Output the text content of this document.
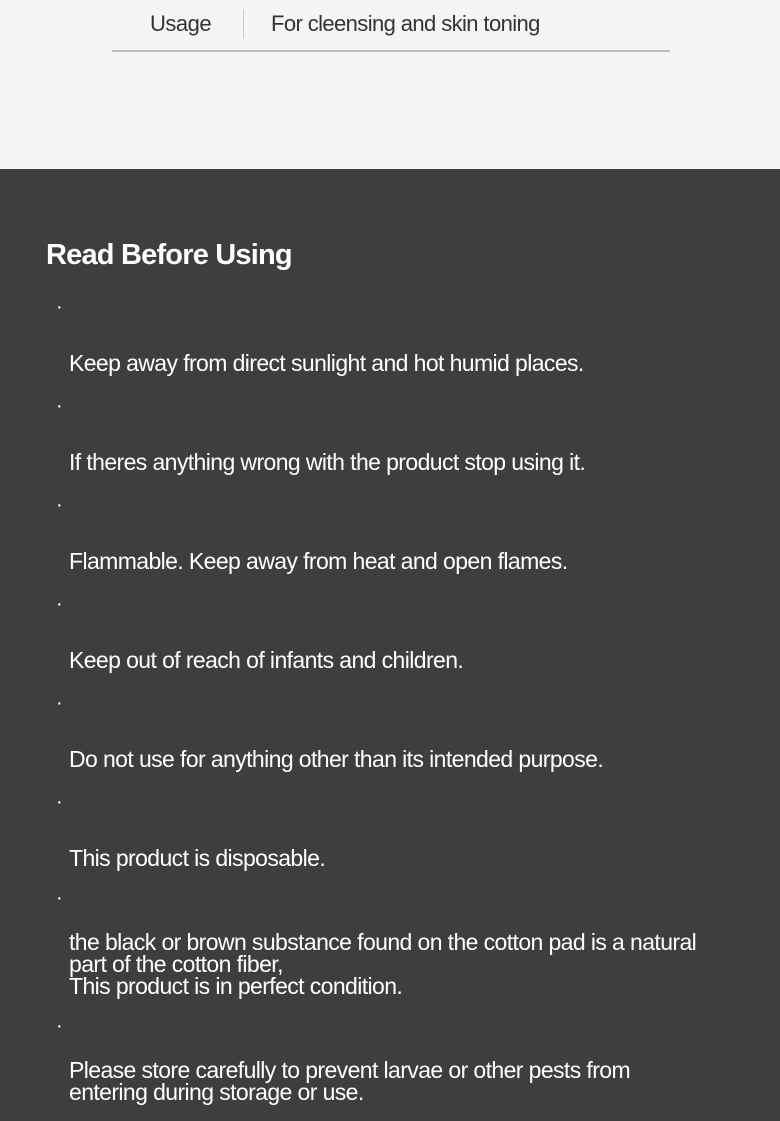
Usage	For cleensing and skin toning
Read Before Using

·

Keep away from direct sunlight and hot humid places.

·

If theres anything wrong with the product stop using it.

·

Flammable. Keep away from heat and open flames.

·

Keep out of reach of infants and children.

·

Do not use for anything other than its intended purpose.

·

This product is disposable.

·

the black or brown substance found on the cotton pad is a natural
part of the cotton fiber,
This product is in perfect condition.

·

Please store carefully to prevent larvae or other pests from
entering during storage or use.
